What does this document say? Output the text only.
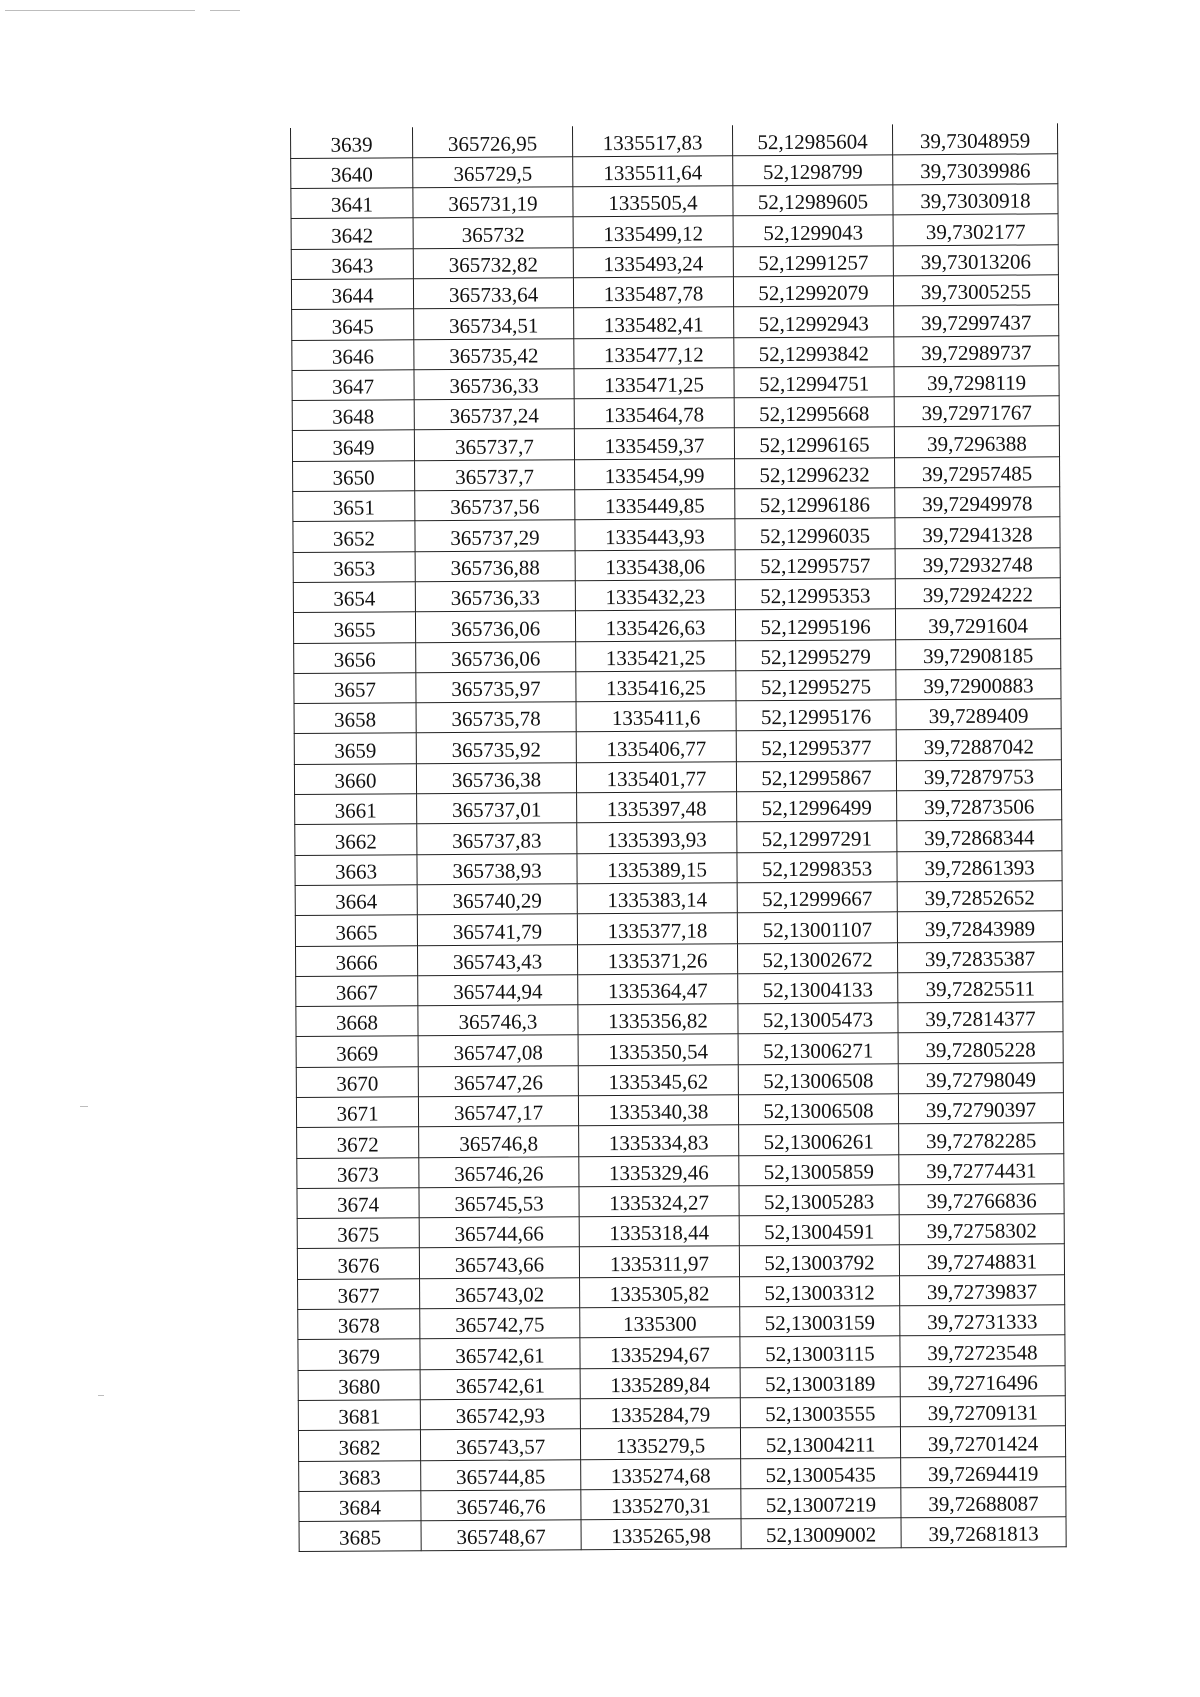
3639	365726,95	1335517,83	52,12985604	39,73048959
3640	365729,5	1335511,64	52,1298799	39,73039986
3641	365731,19	1335505,4	52,12989605	39,73030918
3642	365732	1335499,12	52,1299043	39,7302177
3643	365732,82	1335493,24	52,12991257	39,73013206
3644	365733,64	1335487,78	52,12992079	39,73005255
3645	365734,51	1335482,41	52,12992943	39,72997437
3646	365735,42	1335477,12	52,12993842	39,72989737
3647	365736,33	1335471,25	52,12994751	39,7298119
3648	365737,24	1335464,78	52,12995668	39,72971767
3649	365737,7	1335459,37	52,12996165	39,7296388
3650	365737,7	1335454,99	52,12996232	39,72957485
3651	365737,56	1335449,85	52,12996186	39,72949978
3652	365737,29	1335443,93	52,12996035	39,72941328
3653	365736,88	1335438,06	52,12995757	39,72932748
3654	365736,33	1335432,23	52,12995353	39,72924222
3655	365736,06	1335426,63	52,12995196	39,7291604
3656	365736,06	1335421,25	52,12995279	39,72908185
3657	365735,97	1335416,25	52,12995275	39,72900883
3658	365735,78	1335411,6	52,12995176	39,7289409
3659	365735,92	1335406,77	52,12995377	39,72887042
3660	365736,38	1335401,77	52,12995867	39,72879753
3661	365737,01	1335397,48	52,12996499	39,72873506
3662	365737,83	1335393,93	52,12997291	39,72868344
3663	365738,93	1335389,15	52,12998353	39,72861393
3664	365740,29	1335383,14	52,12999667	39,72852652
3665	365741,79	1335377,18	52,13001107	39,72843989
3666	365743,43	1335371,26	52,13002672	39,72835387
3667	365744,94	1335364,47	52,13004133	39,72825511
3668	365746,3	1335356,82	52,13005473	39,72814377
3669	365747,08	1335350,54	52,13006271	39,72805228
3670	365747,26	1335345,62	52,13006508	39,72798049
3671	365747,17	1335340,38	52,13006508	39,72790397
3672	365746,8	1335334,83	52,13006261	39,72782285
3673	365746,26	1335329,46	52,13005859	39,72774431
3674	365745,53	1335324,27	52,13005283	39,72766836
3675	365744,66	1335318,44	52,13004591	39,72758302
3676	365743,66	1335311,97	52,13003792	39,72748831
3677	365743,02	1335305,82	52,13003312	39,72739837
3678	365742,75	1335300	52,13003159	39,72731333
3679	365742,61	1335294,67	52,13003115	39,72723548
3680	365742,61	1335289,84	52,13003189	39,72716496
3681	365742,93	1335284,79	52,13003555	39,72709131
3682	365743,57	1335279,5	52,13004211	39,72701424
3683	365744,85	1335274,68	52,13005435	39,72694419
3684	365746,76	1335270,31	52,13007219	39,72688087
3685	365748,67	1335265,98	52,13009002	39,72681813
